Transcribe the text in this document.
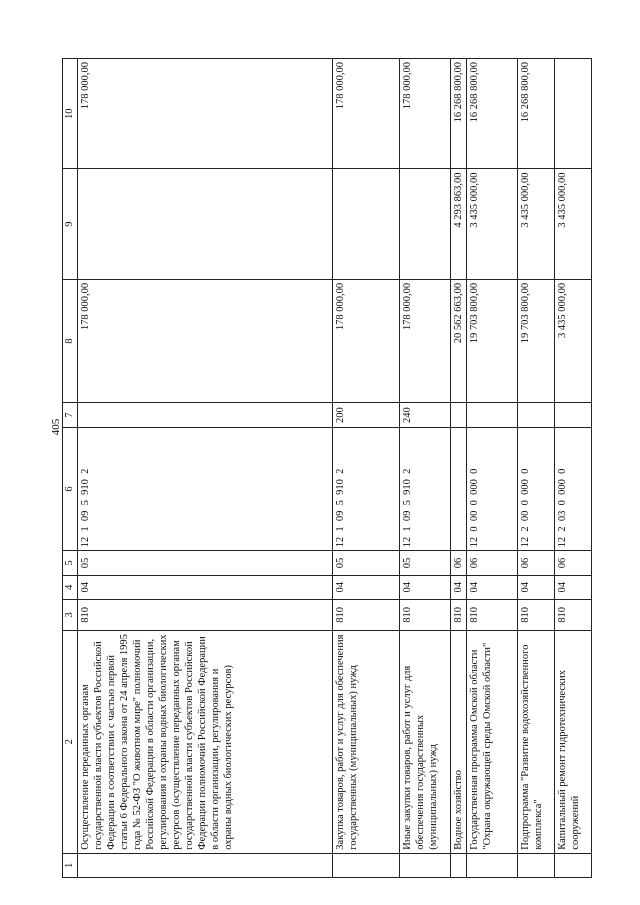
405
1	2	3	4	5	6	7	8	9	10
	Осуществление переданных органам государственной власти субъектов Российской Федерации в соответствии с частью первой статьи 6 Федерального закона от 24 апреля 1995 года № 52-ФЗ "О животном мире" полномочий Российской Федерации в области организации, регулирования и охраны водных биологических ресурсов (осуществление переданных органам государственной власти субъектов Российской Федерации полномочий Российской Федерации в области организации, регулирования и охраны водных биологических ресурсов)	810	04	05	12  1  09  5  910  2		178 000,00		178 000,00
	Закупка товаров, работ и услуг для обеспечения государственных (муниципальных) нужд	810	04	05	12  1  09  5  910  2	200	178 000,00		178 000,00
	Иные закупки товаров, работ и услуг для обеспечения государственных (муниципальных) нужд	810	04	05	12  1  09  5  910  2	240	178 000,00		178 000,00
	Водное хозяйство	810	04	06			20 562 663,00	4 293 863,00	16 268 800,00
	Государственная программа Омской области "Охрана окружающей среды Омской области"	810	04	06	12  0  00  0  000  0		19 703 800,00	3 435 000,00	16 268 800,00
	Подпрограмма "Развитие водохозяйственного комплекса"	810	04	06	12  2  00  0  000  0		19 703 800,00	3 435 000,00	16 268 800,00
	Капитальный ремонт гидротехнических сооружений	810	04	06	12  2  03  0  000  0		3 435 000,00	3 435 000,00	
